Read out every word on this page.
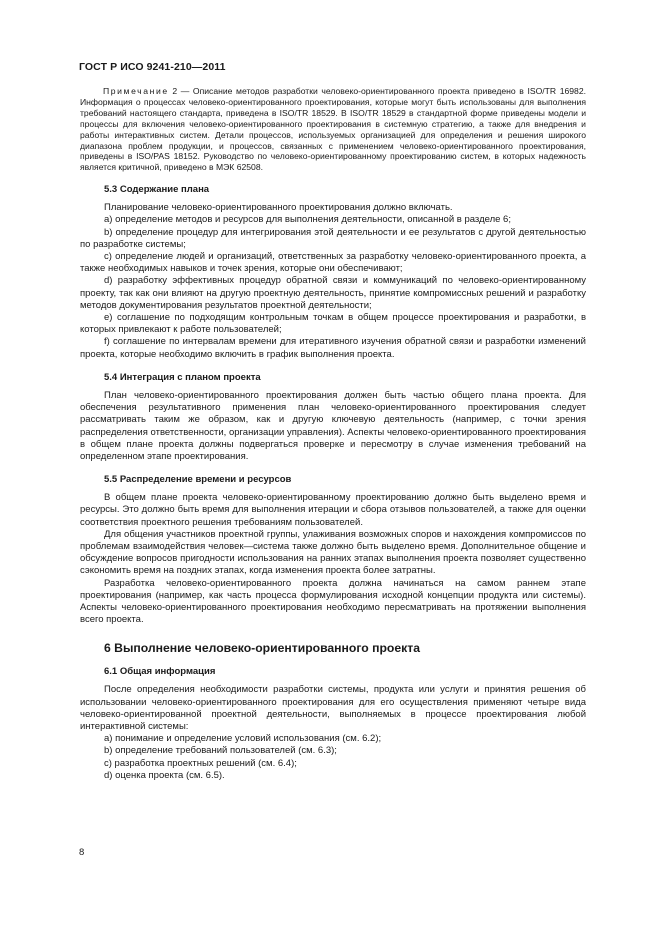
ГОСТ Р ИСО 9241-210—2011

Примечание 2 — Описание методов разработки человеко-ориентированного проекта приведено в ISO/TR 16982. Информация о процессах человеко-ориентированного проектирования, которые могут быть использованы для выполнения требований настоящего стандарта, приведена в ISO/TR 18529. В ISO/TR 18529 в стандартной форме приведены модели и процессы для включения человеко-ориентированного проектирования в системную стратегию, а также для внедрения и работы интерактивных систем. Детали процессов, используемых организацией для определения и решения широкого диапазона проблем продукции, и процессов, связанных с применением человеко-ориентированного проектирования, приведены в ISO/PAS 18152. Руководство по человеко-ориентированному проектированию систем, в которых надежность является критичной, приведено в МЭК 62508.

5.3 Содержание плана

Планирование человеко-ориентированного проектирования должно включать.

a) определение методов и ресурсов для выполнения деятельности, описанной в разделе 6;

b) определение процедур для интегрирования этой деятельности и ее результатов с другой деятельностью по разработке системы;

c) определение людей и организаций, ответственных за разработку человеко-ориентированного проекта, а также необходимых навыков и точек зрения, которые они обеспечивают;

d) разработку эффективных процедур обратной связи и коммуникаций по человеко-ориентированному проекту, так как они влияют на другую проектную деятельность, принятие компромиссных решений и разработку методов документирования результатов проектной деятельности;

e) соглашение по подходящим контрольным точкам в общем процессе проектирования и разработки, в которых привлекают к работе пользователей;

f) соглашение по интервалам времени для итеративного изучения обратной связи и разработки изменений проекта, которые необходимо включить в график выполнения проекта.

5.4 Интеграция с планом проекта

План человеко-ориентированного проектирования должен быть частью общего плана проекта. Для обеспечения результативного применения план человеко-ориентированного проектирования следует рассматривать таким же образом, как и другую ключевую деятельность (например, с точки зрения распределения ответственности, организации управления). Аспекты человеко-ориентированного проектирования в общем плане проекта должны подвергаться проверке и пересмотру в случае изменения требований на определенном этапе проектирования.

5.5 Распределение времени и ресурсов

В общем плане проекта человеко-ориентированному проектированию должно быть выделено время и ресурсы. Это должно быть время для выполнения итерации и сбора отзывов пользователей, а также для оценки соответствия проектного решения требованиям пользователей.

Для общения участников проектной группы, улаживания возможных споров и нахождения компромиссов по проблемам взаимодействия человек—система также должно быть выделено время. Дополнительное общение и обсуждение вопросов пригодности использования на ранних этапах выполнения проекта позволяет существенно сэкономить время на поздних этапах, когда изменения проекта более затратны.

Разработка человеко-ориентированного проекта должна начинаться на самом раннем этапе проектирования (например, как часть процесса формулирования исходной концепции продукта или системы). Аспекты человеко-ориентированного проектирования необходимо пересматривать на протяжении выполнения всего проекта.

6 Выполнение человеко-ориентированного проекта
6.1 Общая информация

После определения необходимости разработки системы, продукта или услуги и принятия решения об использовании человеко-ориентированного проектирования для его осуществления применяют четыре вида человеко-ориентированной проектной деятельности, выполняемых в процессе проектирования любой интерактивной системы:

a) понимание и определение условий использования (см. 6.2);

b) определение требований пользователей (см. 6.3);

c) разработка проектных решений (см. 6.4);

d) оценка проекта (см. 6.5).

8
